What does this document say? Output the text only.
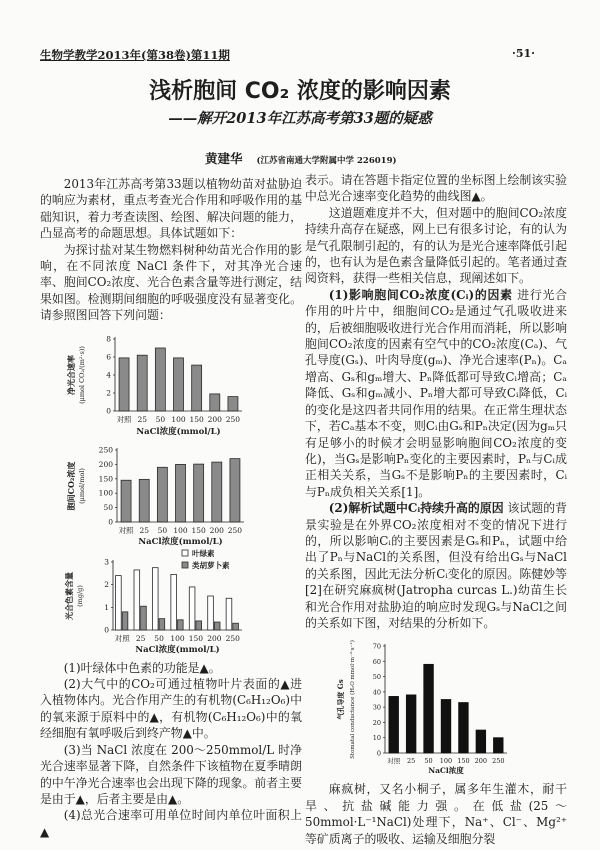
生物学教学2013年(第38卷)第11期	·51·
浅析胞间 CO₂ 浓度的影响因素
——解开2013年江苏高考第33题的疑惑
黄建华 (江苏省南通大学附属中学 226019)

2013年江苏高考第33题以植物幼苗对盐胁迫的响应为素材，重点考查光合作用和呼吸作用的基础知识，着力考查读图、绘图、解决问题的能力，凸显高考的命题思想。具体试题如下：

为探讨盐对某生物燃料树种幼苗光合作用的影响，在不同浓度 NaCl 条件下，对其净光合速率、胞间CO₂浓度、光合色素含量等进行测定，结果如图。检测期间细胞的呼吸强度没有显著变化。请参照图回答下列问题：

0
2
4
6
8
对照 25 50 100 150 200 250
NaCl浓度(mmol/L)
净光合速率 (μmol CO₂/(m²·s))
0
50
100
150
200
250
对照 25 50 100 150 200 250
NaCl浓度(mmol/L)
胞间CO₂浓度 (μmol/mol)
0
1
2
3
对照 25 50 100 150 200 250
NaCl浓度(mmol/L)
光合色素含量 (mg/g)
叶绿素
类胡萝卜素

(1)叶绿体中色素的功能是▲。

(2)大气中的CO₂可通过植物叶片表面的▲进入植物体内。光合作用产生的有机物(C₆H₁₂O₆)中的氧来源于原料中的▲，有机物(C₆H₁₂O₆)中的氧经细胞有氧呼吸后到终产物▲中。

(3)当 NaCl 浓度在 200～250mmol/L 时净光合速率显著下降，自然条件下该植物在夏季晴朗的中午净光合速率也会出现下降的现象。前者主要是由于▲，后者主要是由▲。

(4)总光合速率可用单位时间内单位叶面积上▲

表示。请在答题卡指定位置的坐标图上绘制该实验中总光合速率变化趋势的曲线图▲。

这道题难度并不大，但对题中的胞间CO₂浓度持续升高存在疑惑，网上已有很多讨论，有的认为是气孔限制引起的，有的认为是光合速率降低引起的，也有认为是色素含量降低引起的。笔者通过查阅资料，获得一些相关信息，现阐述如下。

(1)影响胞间CO₂浓度(Cᵢ)的因素 进行光合作用的叶片中，细胞间CO₂是通过气孔吸收进来的，后被细胞吸收进行光合作用而消耗，所以影响胞间CO₂浓度的因素有空气中的CO₂浓度(Cₐ)、气孔导度(Gₛ)、叶肉导度(gₘ)、净光合速率(Pₙ)。Cₐ增高、Gₛ和gₘ增大、Pₙ降低都可导致Cᵢ增高；Cₐ降低、Gₛ和gₘ减小、Pₙ增大都可导致Cᵢ降低，Cᵢ的变化是这四者共同作用的结果。在正常生理状态下，若Cₐ基本不变，则Cᵢ由Gₛ和Pₙ决定(因为gₘ只有足够小的时候才会明显影响胞间CO₂浓度的变化)，当Gₛ是影响Pₙ变化的主要因素时，Pₙ与Cᵢ成正相关关系，当Gₛ不是影响Pₙ的主要因素时，Cᵢ与Pₙ成负相关关系[1]。

(2)解析试题中Cᵢ持续升高的原因 该试题的背景实验是在外界CO₂浓度相对不变的情况下进行的，所以影响Cᵢ的主要因素是Gₛ和Pₙ，试题中给出了Pₙ与NaCl的关系图，但没有给出Gₛ与NaCl的关系图，因此无法分析Cᵢ变化的原因。陈健妙等[2]在研究麻疯树(Jatropha curcas L.)幼苗生长和光合作用对盐胁迫的响应时发现Gₛ与NaCl之间的关系如下图，对结果的分析如下。

0
10
20
30
40
50
60
70
对照 25 50 100 150 200 250
NaCl浓度
气孔导度 Gs Stomatal conductance (H₂O mmol·m⁻²·s⁻¹)

麻疯树，又名小桐子，属多年生灌木，耐干旱、抗盐碱能力强。在低盐(25～50mmol·L⁻¹NaCl)处理下，Na⁺、Cl⁻、Mg²⁺等矿质离子的吸收、运输及细胞分裂
